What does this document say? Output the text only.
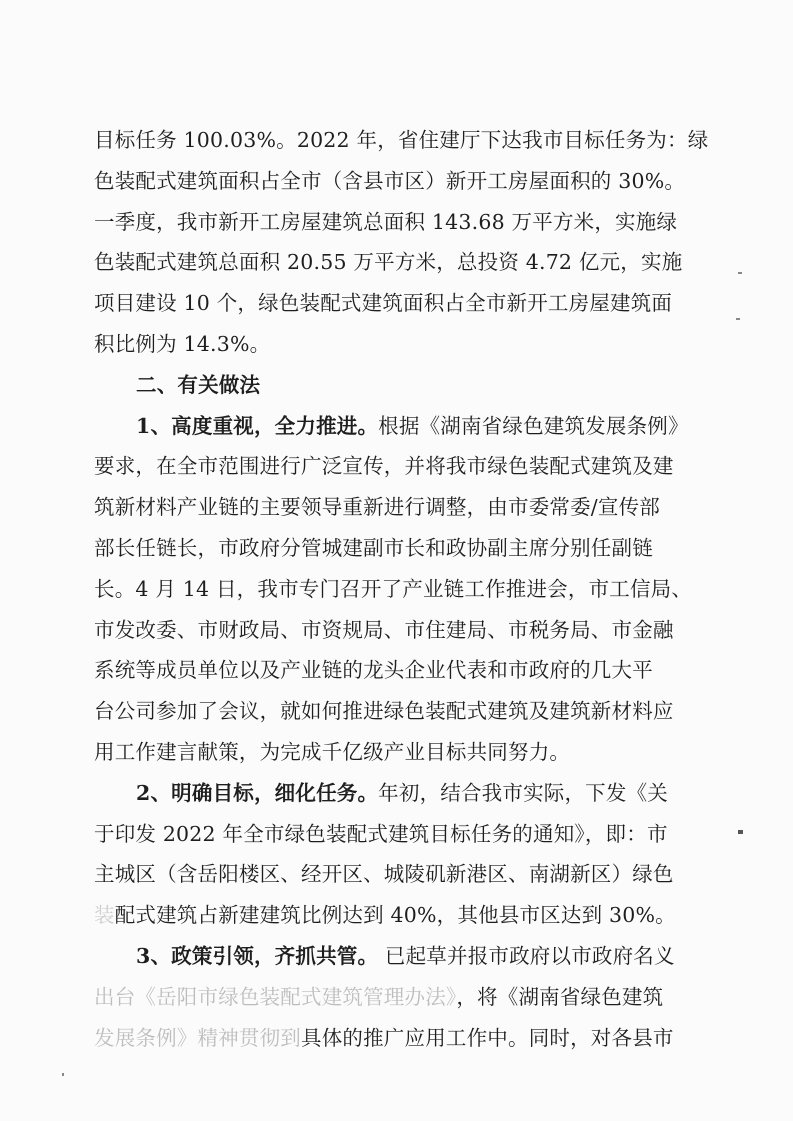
目标任务 100.03%。2022 年，省住建厅下达我市目标任务为：绿
色装配式建筑面积占全市（含县市区）新开工房屋面积的 30%。
一季度，我市新开工房屋建筑总面积 143.68 万平方米，实施绿
色装配式建筑总面积 20.55 万平方米，总投资 4.72 亿元，实施
项目建设 10 个，绿色装配式建筑面积占全市新开工房屋建筑面
积比例为 14.3%。
二、有关做法
1、高度重视，全力推进。根据《湖南省绿色建筑发展条例》
要求，在全市范围进行广泛宣传，并将我市绿色装配式建筑及建
筑新材料产业链的主要领导重新进行调整，由市委常委/宣传部
部长任链长，市政府分管城建副市长和政协副主席分别任副链
长。4 月 14 日，我市专门召开了产业链工作推进会，市工信局、
市发改委、市财政局、市资规局、市住建局、市税务局、市金融
系统等成员单位以及产业链的龙头企业代表和市政府的几大平
台公司参加了会议，就如何推进绿色装配式建筑及建筑新材料应
用工作建言献策，为完成千亿级产业目标共同努力。
2、明确目标，细化任务。年初，结合我市实际，下发《关
于印发 2022 年全市绿色装配式建筑目标任务的通知》，即：市
主城区（含岳阳楼区、经开区、城陵矶新港区、南湖新区）绿色
装配式建筑占新建建筑比例达到 40%，其他县市区达到 30%。
3、政策引领，齐抓共管。 已起草并报市政府以市政府名义
出台《岳阳市绿色装配式建筑管理办法》，将《湖南省绿色建筑
发展条例》精神贯彻到具体的推广应用工作中。同时，对各县市
